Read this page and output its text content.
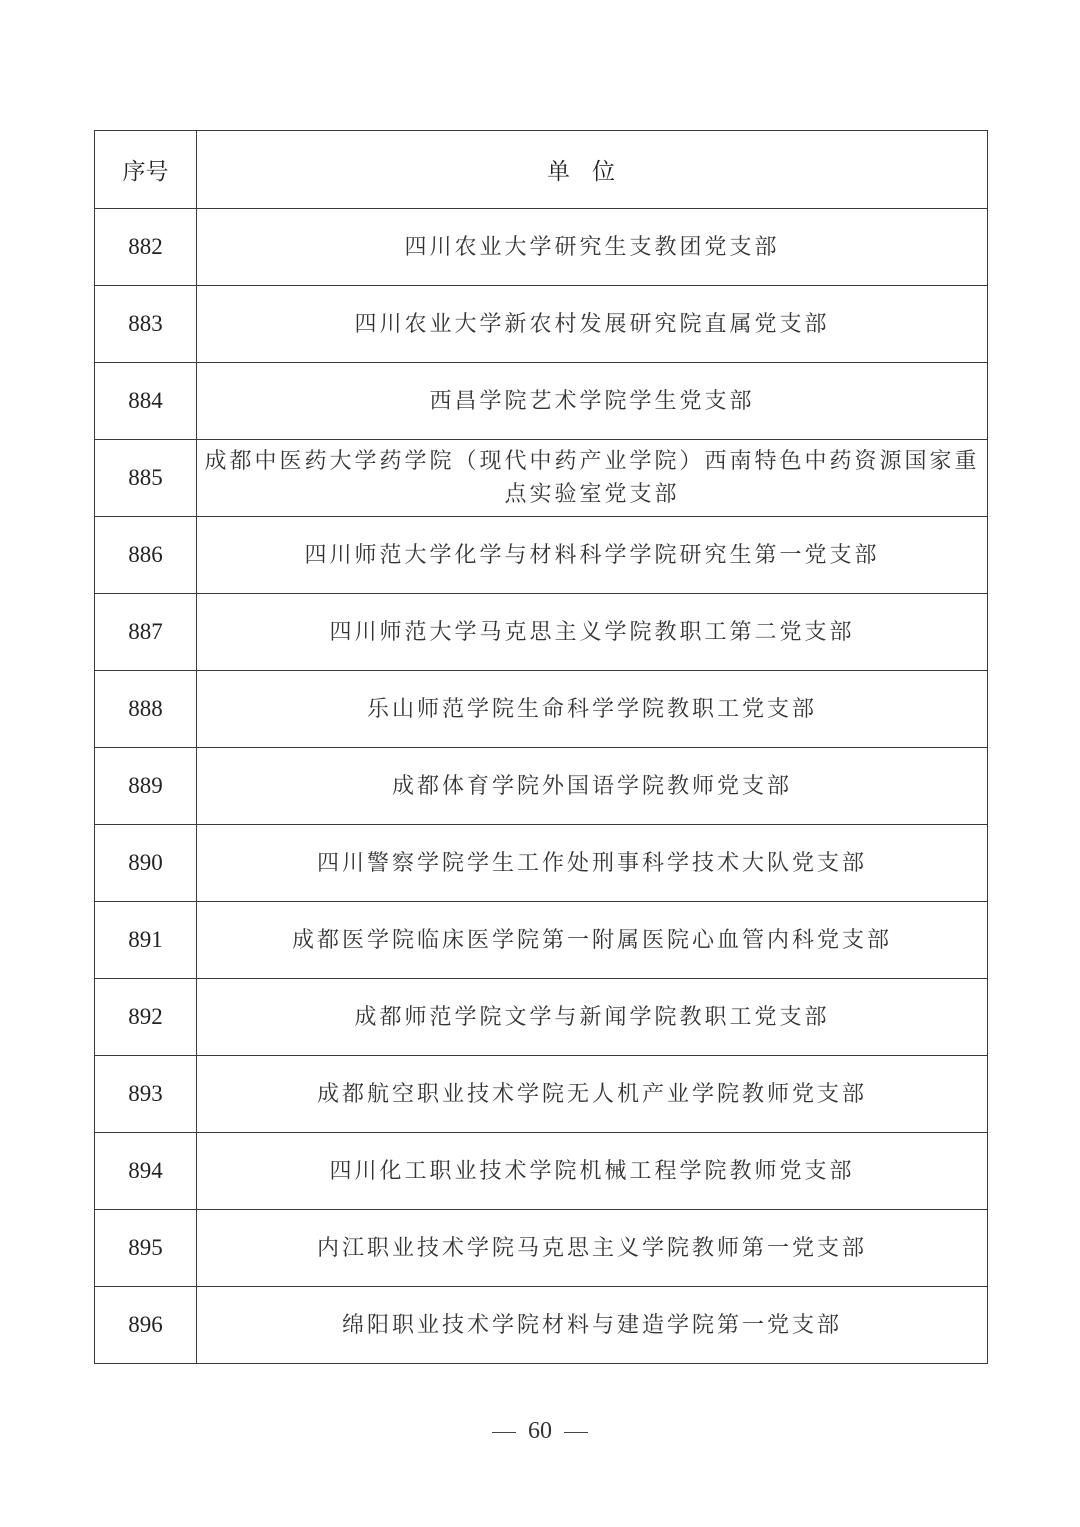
序号	单位
882	四川农业大学研究生支教团党支部
883	四川农业大学新农村发展研究院直属党支部
884	西昌学院艺术学院学生党支部
885	成都中医药大学药学院（现代中药产业学院）西南特色中药资源国家重点实验室党支部
886	四川师范大学化学与材料科学学院研究生第一党支部
887	四川师范大学马克思主义学院教职工第二党支部
888	乐山师范学院生命科学学院教职工党支部
889	成都体育学院外国语学院教师党支部
890	四川警察学院学生工作处刑事科学技术大队党支部
891	成都医学院临床医学院第一附属医院心血管内科党支部
892	成都师范学院文学与新闻学院教职工党支部
893	成都航空职业技术学院无人机产业学院教师党支部
894	四川化工职业技术学院机械工程学院教师党支部
895	内江职业技术学院马克思主义学院教师第一党支部
896	绵阳职业技术学院材料与建造学院第一党支部
60
